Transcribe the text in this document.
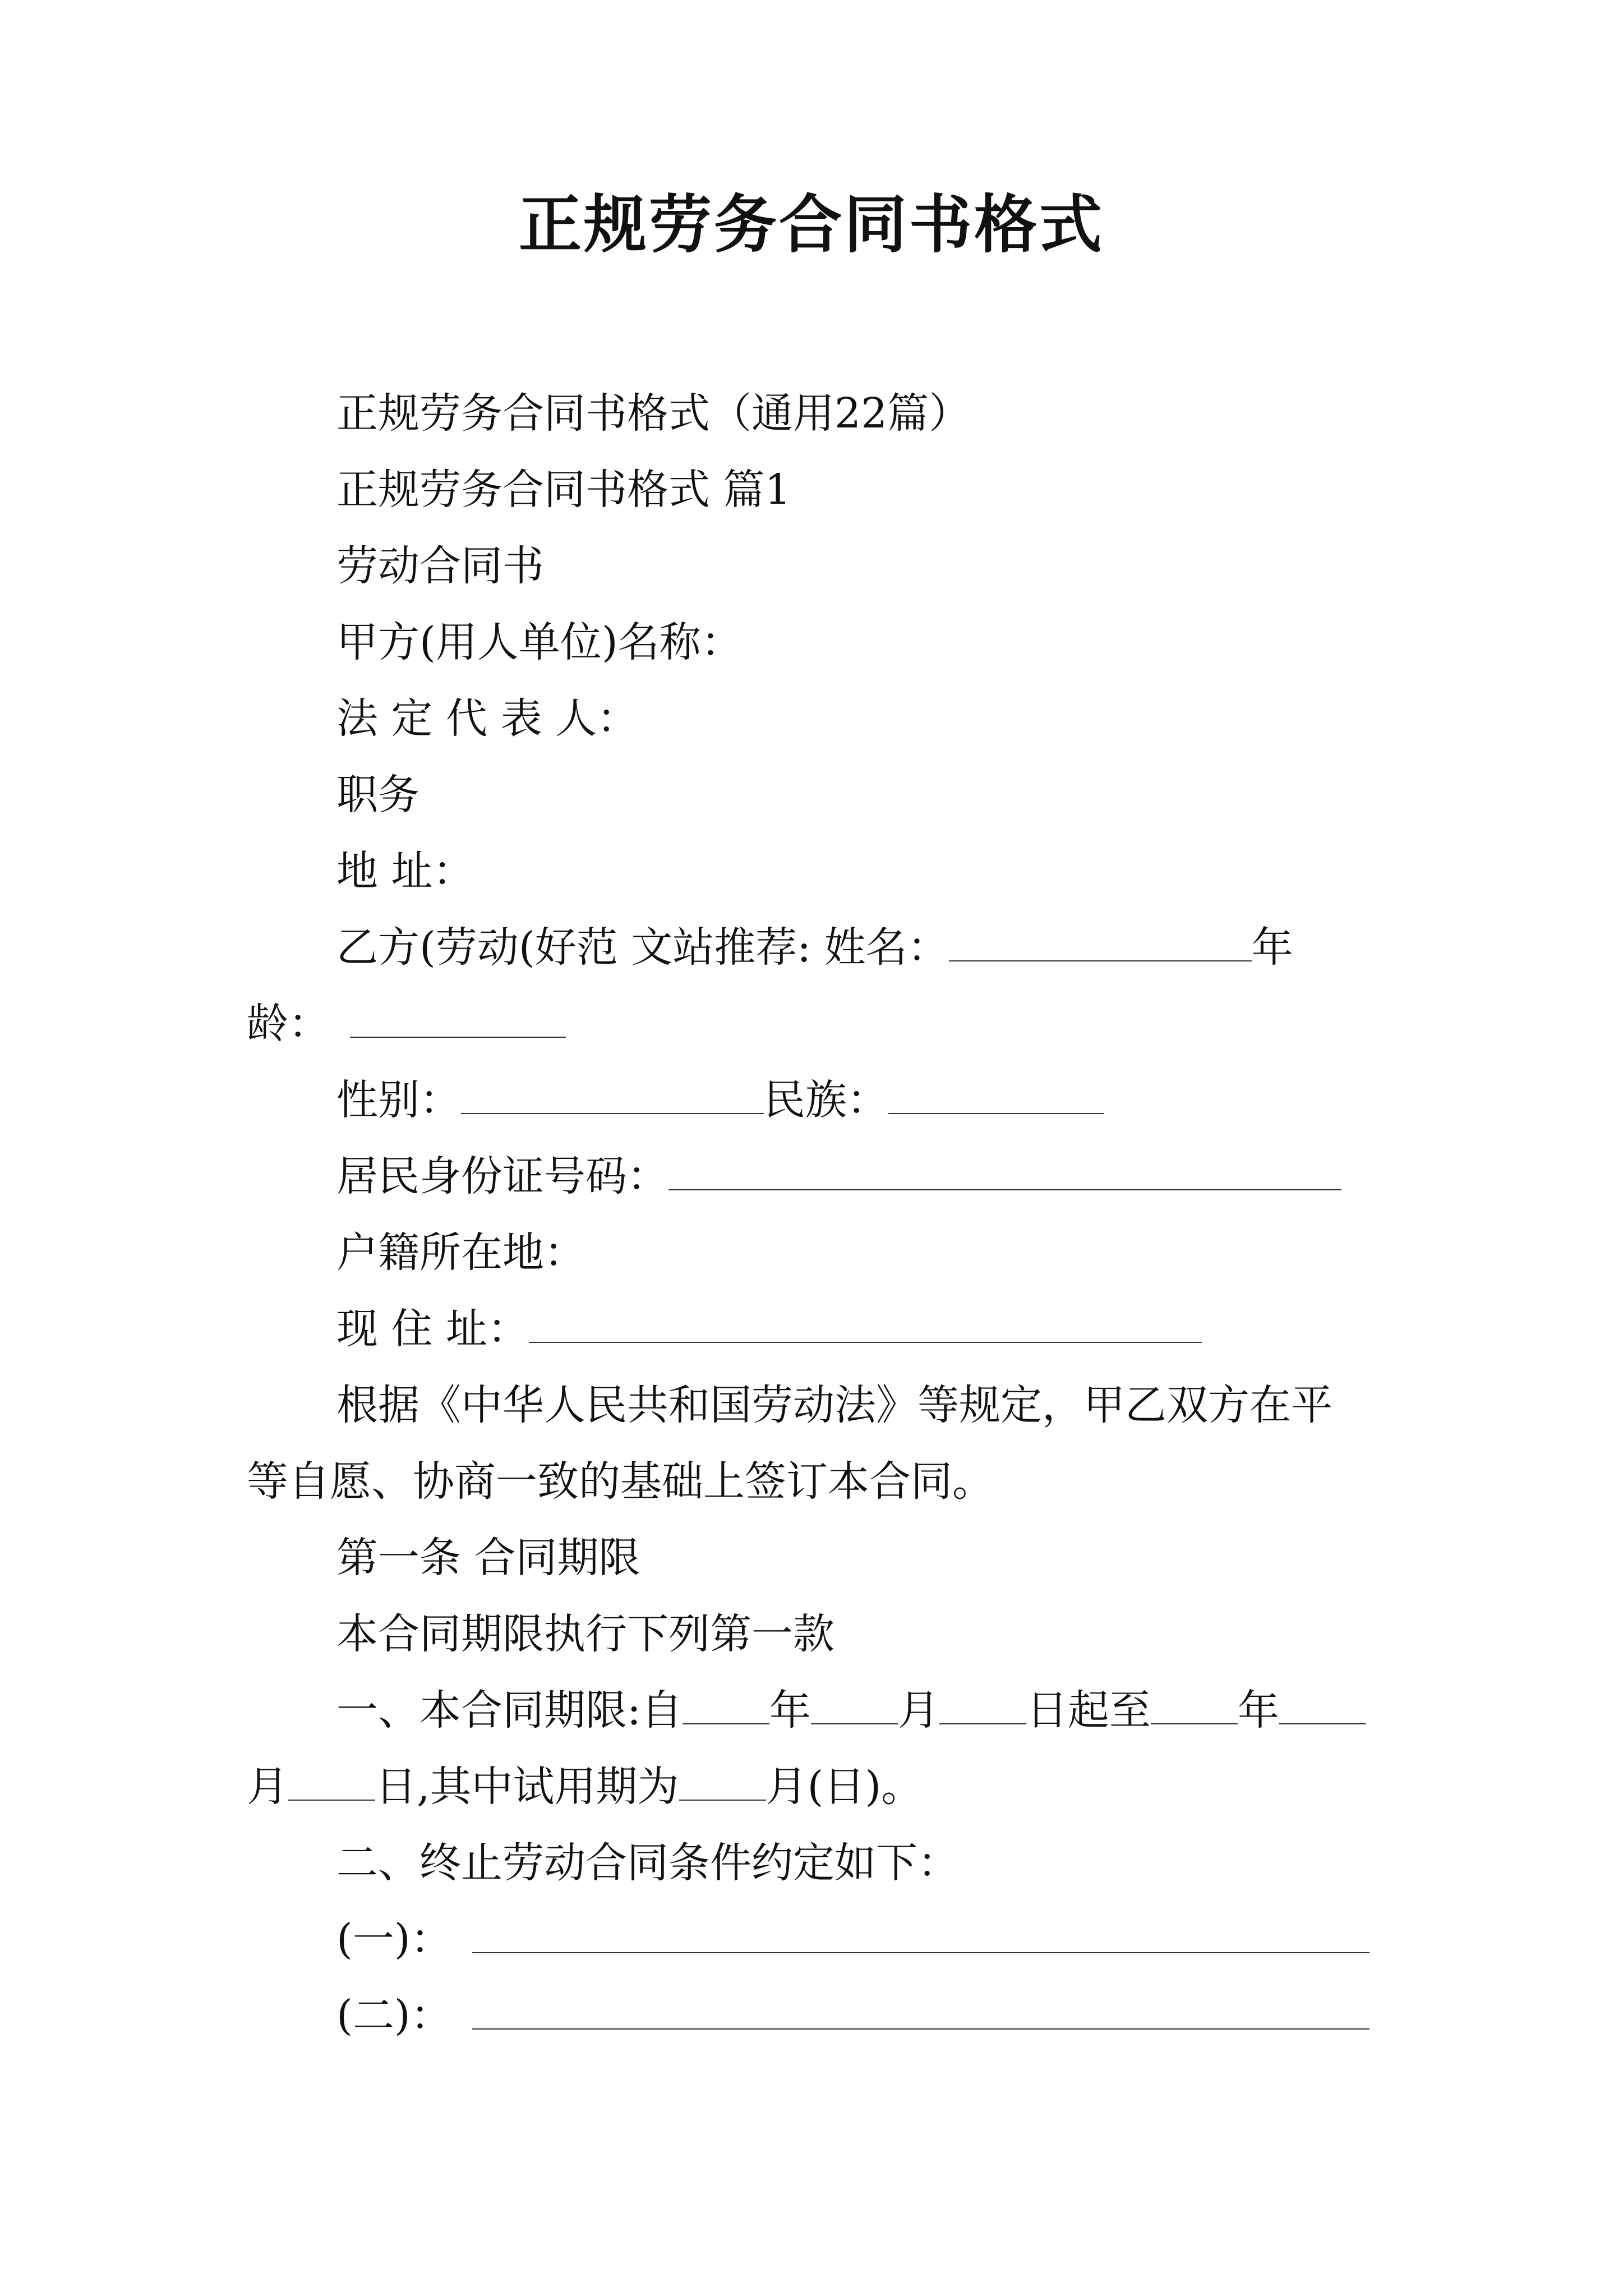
正规劳务合同书格式
正规劳务合同书格式（通用22篇）
正规劳务合同书格式 篇1
劳动合同书
甲方(用人单位)名称：
法 定 代 表 人：
职务
地 址：
乙方(劳动(好范 文站推荐: 姓名：	年
龄：
性别：	民族：
居民身份证号码：
户籍所在地：
现 住 址：
根据《中华人民共和国劳动法》等规定，甲乙双方在平
等自愿、协商一致的基础上签订本合同。
第一条 合同期限
本合同期限执行下列第一款
一、本合同期限:自 年 月 日起至 年
月 日,其中试用期为 月(日)。
二、终止劳动合同条件约定如下：
(一)：
(二)：
